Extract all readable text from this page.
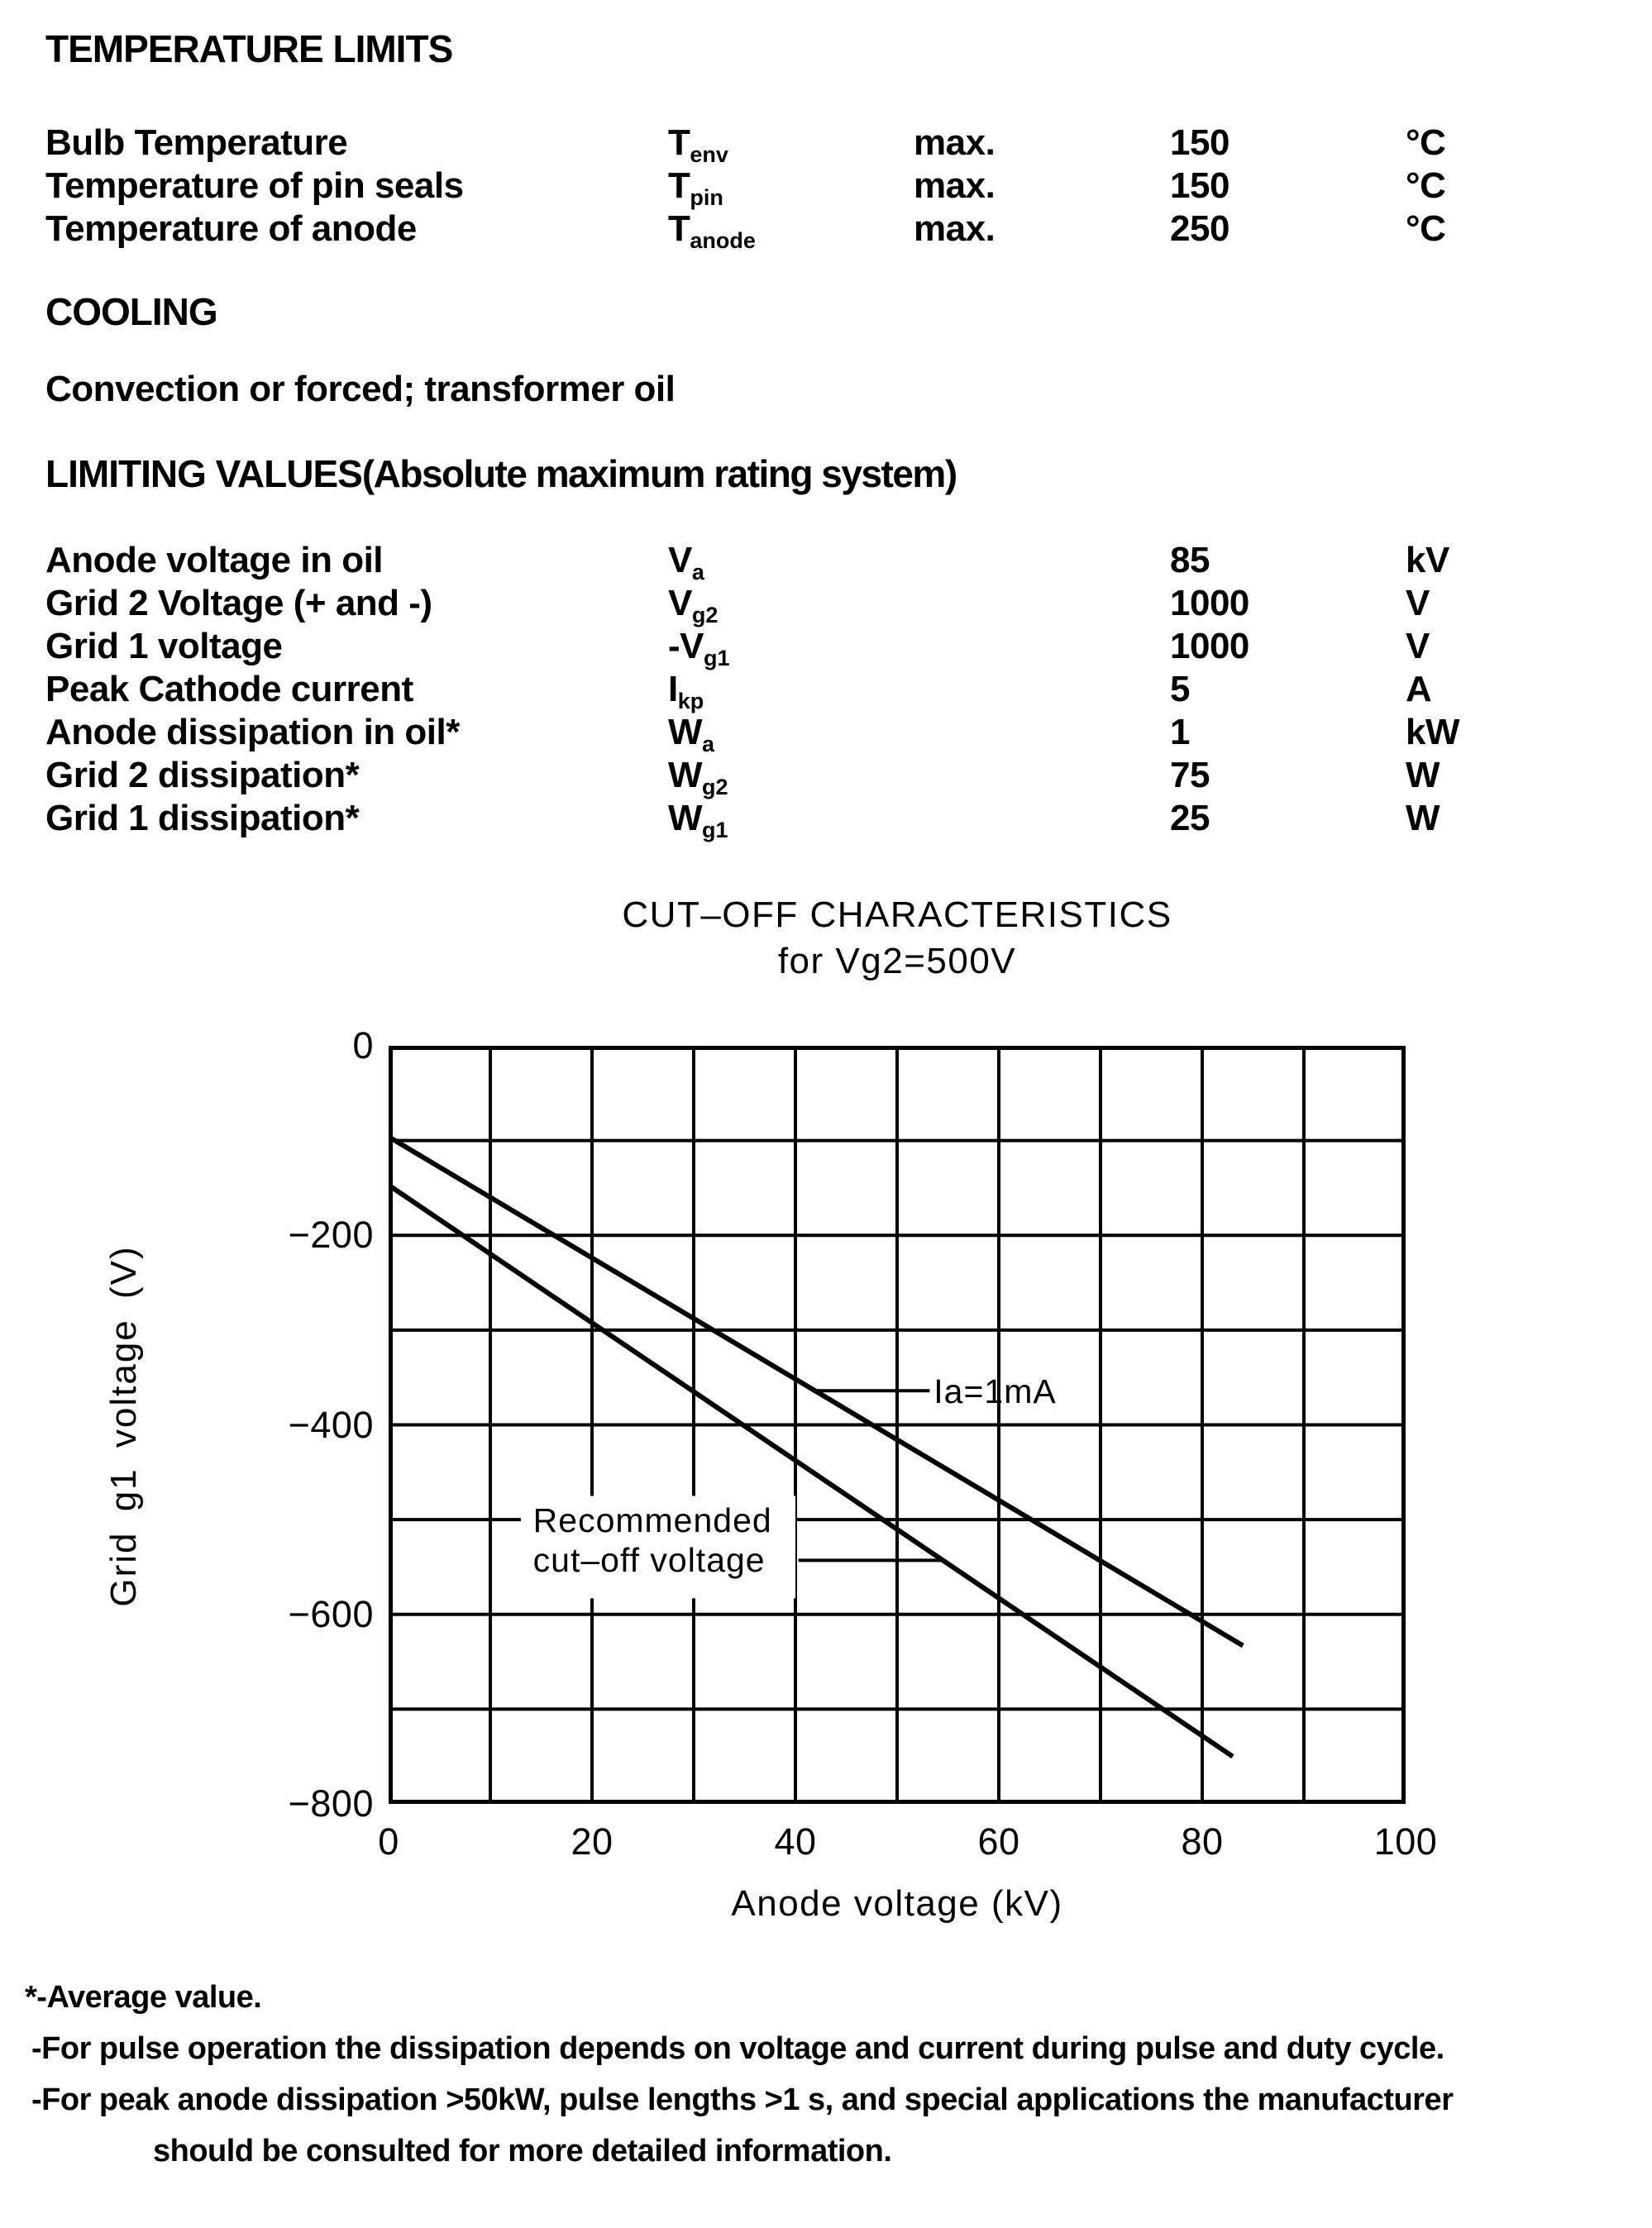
TEMPERATURE LIMITS
Bulb Temperature	T env	max.	150	°C
Temperature of pin seals	T pin	max.	150	°C
Temperature of anode	T anode	max.	250	°C
COOLING
Convection or forced; transformer oil
LIMITING VALUES(Absolute maximum rating system)
Anode voltage in oil	V a	85	kV
Grid 2 Voltage (+ and -)	V g2	1000	V
Grid 1 voltage	-V g1	1000	V
Peak Cathode current	I kp	5	A
Anode dissipation in oil*	W a	1	kW
Grid 2 dissipation*	W g2	75	W
Grid 1 dissipation*	W g1	25	W
CUT–OFF CHARACTERISTICS
for Vg2=500V
Recommended
cut–off voltage
Ia=1mA
0
−200
−400
−600
−800
0	20	40	60	80	100
Grid g1 voltage (V)
Anode voltage (kV)
*-Average value.
-For pulse operation the dissipation depends on voltage and current during pulse and duty cycle.
-For peak anode dissipation >50kW, pulse lengths >1 s, and special applications the manufacturer
should be consulted for more detailed information.
